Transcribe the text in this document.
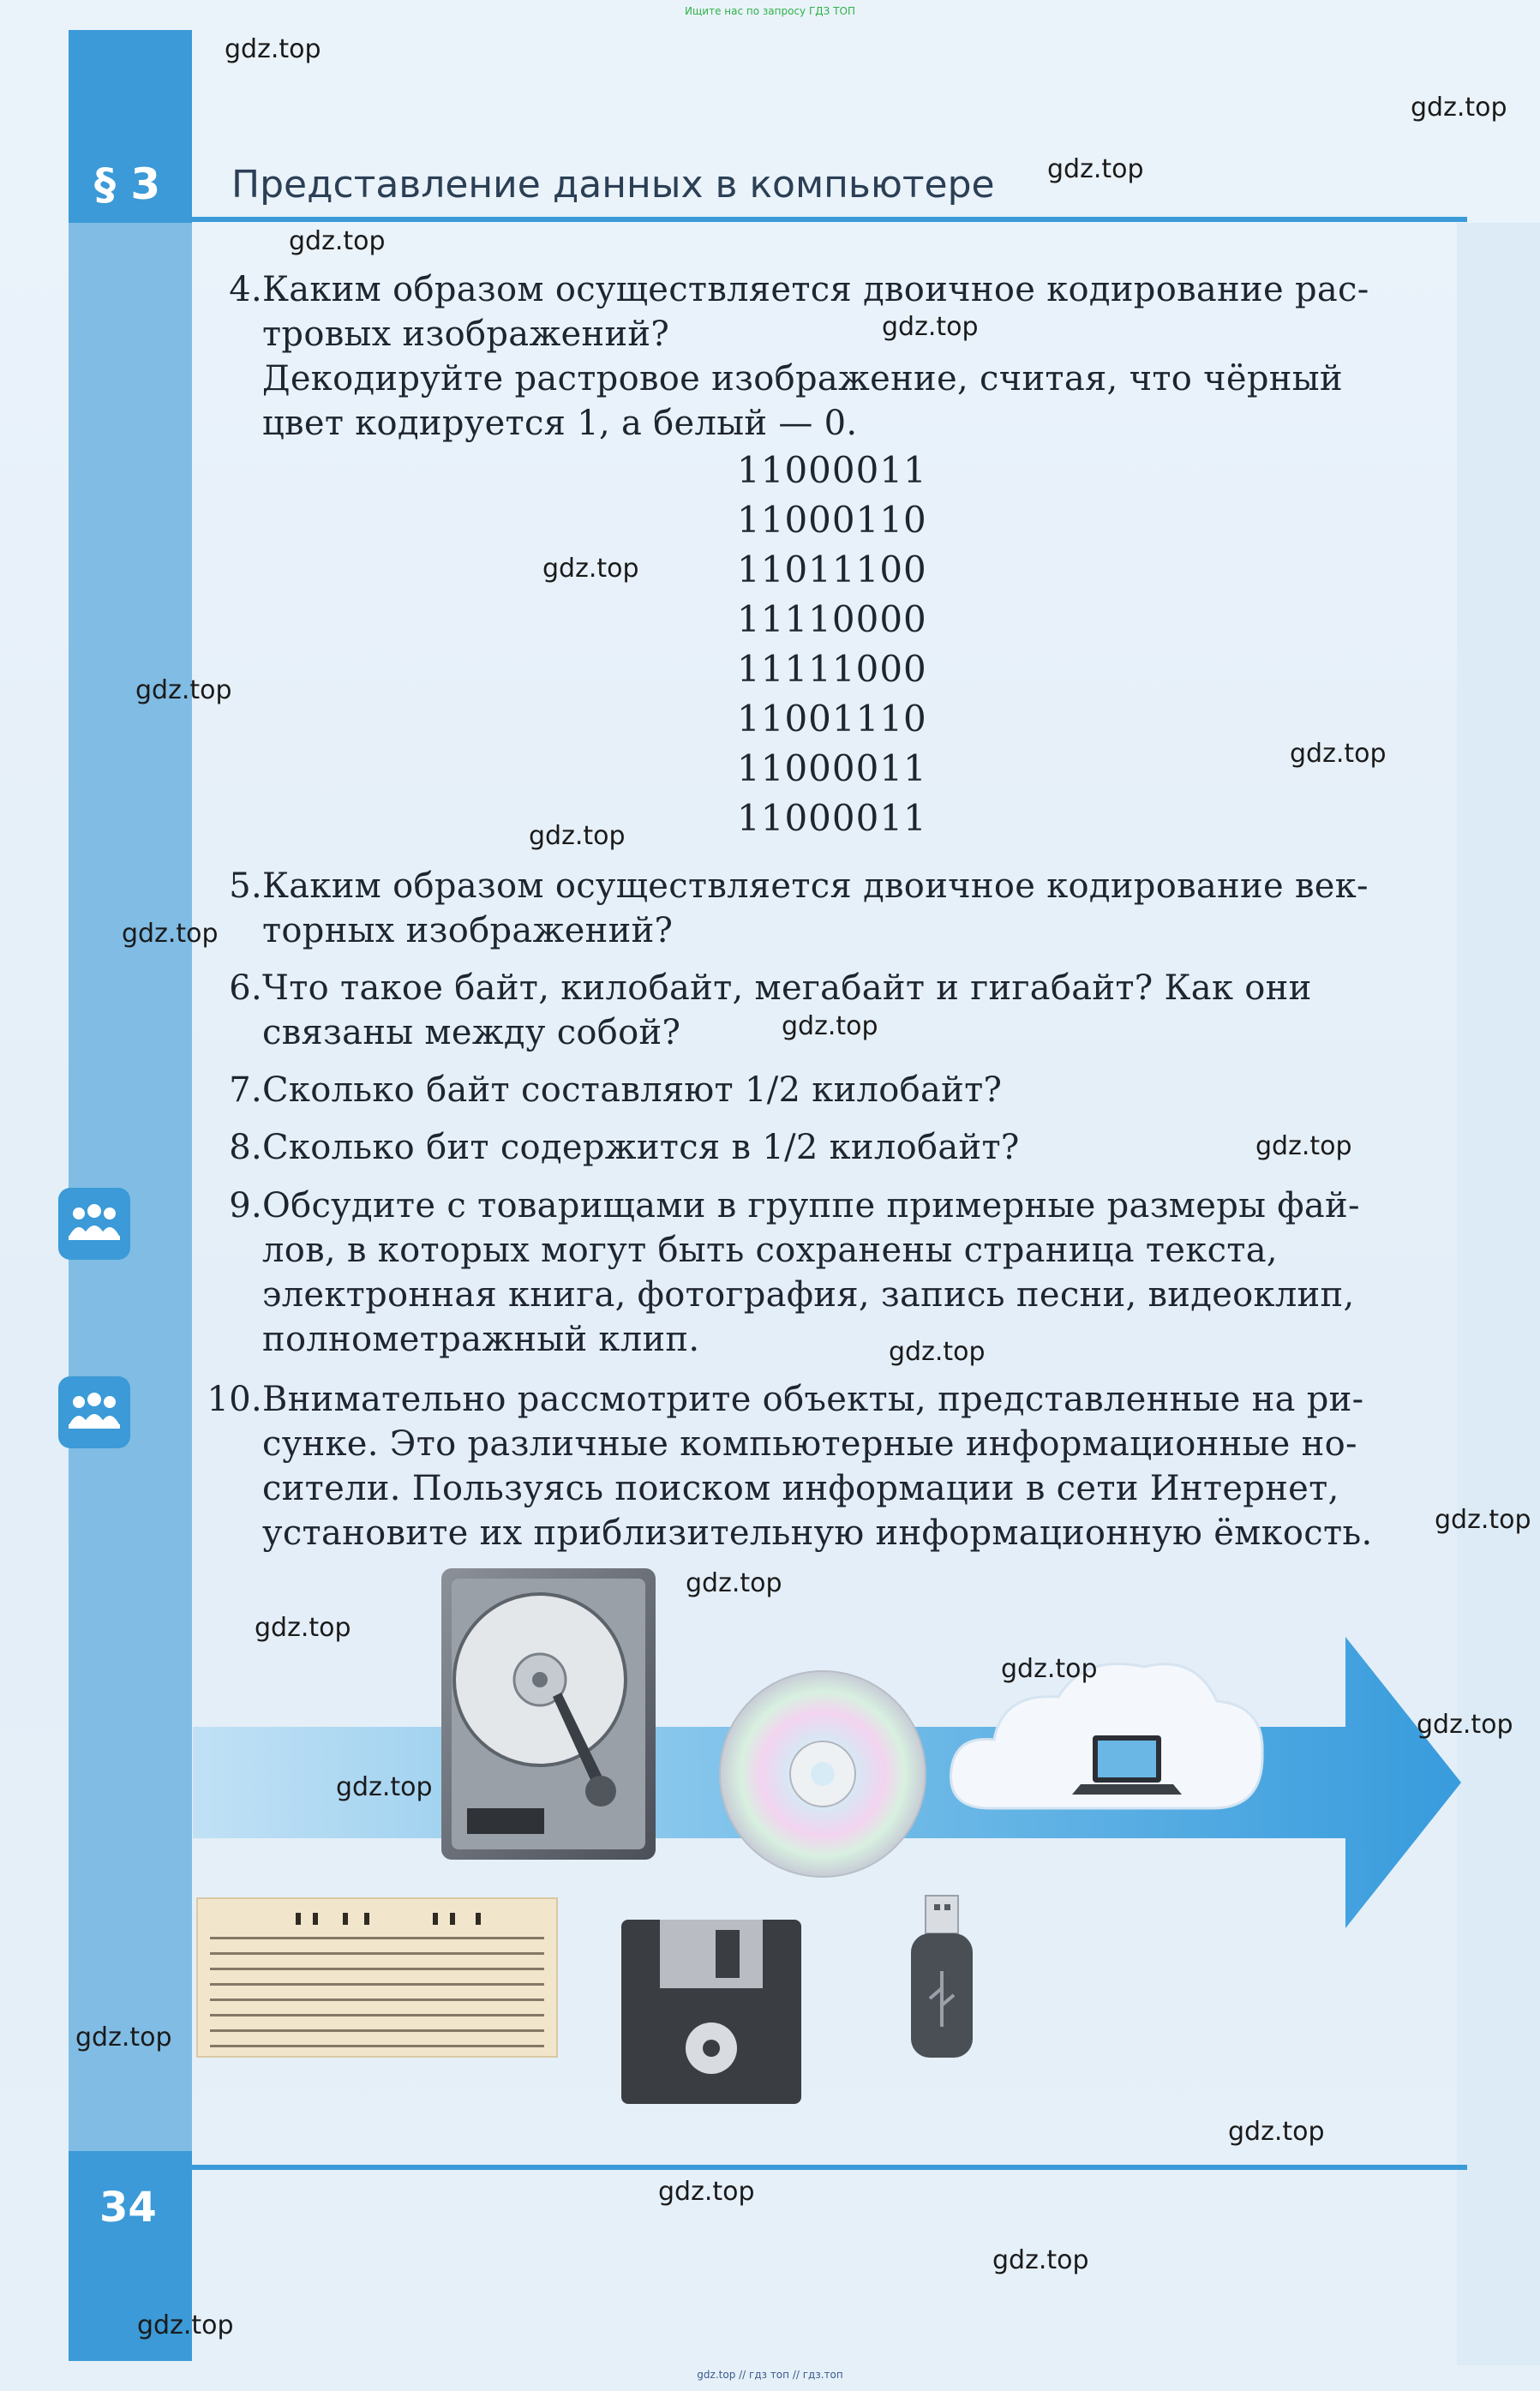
Ищите нас по запросу ГДЗ ТОП
§ 3 Представление данных в компьютере
4. Каким образом осуществляется двоичное кодирование рас-
тровых изображений?
Декодируйте растровое изображение, считая, что чёрный
цвет кодируется 1, а белый — 0.
11000011
11000110
11011100
11110000
11111000
11001110
11000011
11000011
5. Каким образом осуществляется двоичное кодирование век-
торных изображений?
6. Что такое байт, килобайт, мегабайт и гигабайт? Как они
связаны между собой?
7. Сколько байт составляют 1/2 килобайт?
8. Сколько бит содержится в 1/2 килобайт?
9. Обсудите с товарищами в группе примерные размеры фай-
лов, в которых могут быть сохранены страница текста,
электронная книга, фотография, запись песни, видеоклип,
полнометражный клип.
10. Внимательно рассмотрите объекты, представленные на ри-
сунке. Это различные компьютерные информационные но-
сители. Пользуясь поиском информации в сети Интернет,
установите их приблизительную информационную ёмкость.
34
gdz.top
gdz.top
gdz.top
gdz.top
gdz.top
gdz.top
gdz.top
gdz.top
gdz.top
gdz.top
gdz.top
gdz.top
gdz.top
gdz.top
gdz.top
gdz.top
gdz.top
gdz.top
gdz.top
gdz.top
gdz.top
gdz.top
gdz.top
gdz.top
gdz.top // гдз топ // гдз.топ
